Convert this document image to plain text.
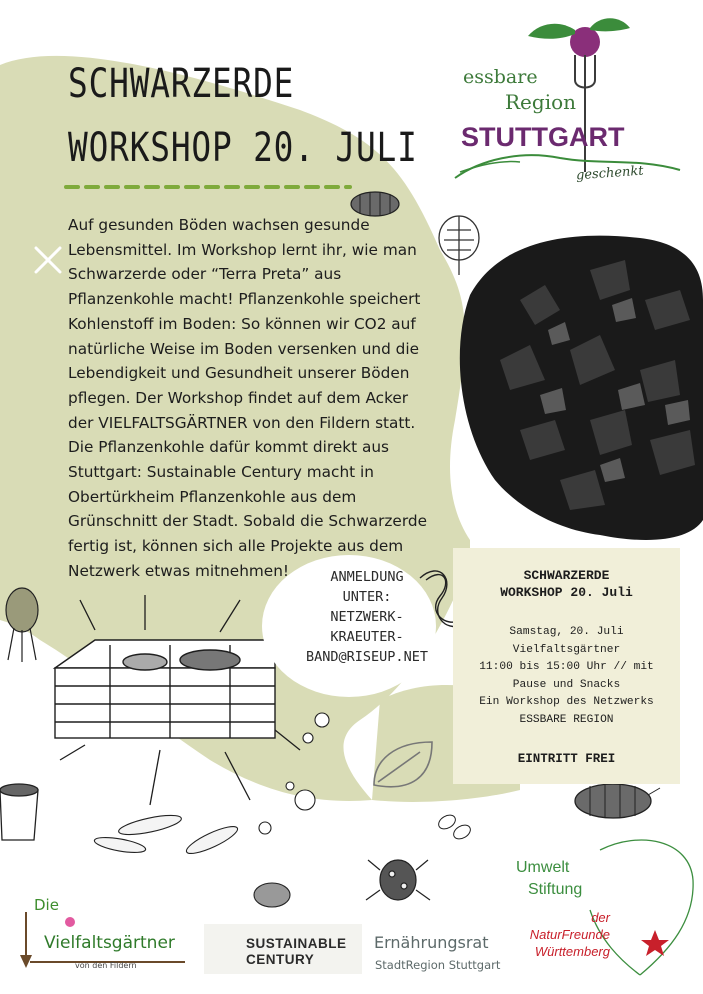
SCHWARZERDE
WORKSHOP 20. JULI
Auf gesunden Böden wachsen gesunde Lebensmittel. Im Workshop lernt ihr, wie man Schwarzerde oder “Terra Preta” aus Pflanzenkohle macht! Pflanzenkohle speichert Kohlenstoff im Boden: So können wir CO2 auf natürliche Weise im Boden versenken und die Lebendigkeit und Gesundheit unserer Böden pflegen. Der Workshop findet auf dem Acker der VIELFALTSGÄRTNER von den Fildern statt. Die Pflanzenkohle dafür kommt direkt aus Stuttgart: Sustainable Century macht in Obertürkheim Pflanzenkohle aus dem Grünschnitt der Stadt. Sobald die Schwarzerde fertig ist, können sich alle Projekte aus dem Netzwerk etwas mitnehmen!
essbare
Region
STUTTGART
geschenkt
ANMELDUNG
UNTER:
NETZWERK-
KRAEUTER-
BAND@RISEUP.NET
SCHWARZERDE
WORKSHOP 20. Juli
Samstag, 20. Juli
Vielfaltsgärtner
11:00 bis 15:00 Uhr // mit
Pause und Snacks
Ein Workshop des Netzwerks
ESSBARE REGION
EINTRITT FREI
Umwelt
Stiftung
der
NaturFreunde
Württemberg
Die
Vielfaltsgärtner
von den Fildern
SUSTAINABLE
CENTURY
Ernährungsrat
StadtRegion Stuttgart
